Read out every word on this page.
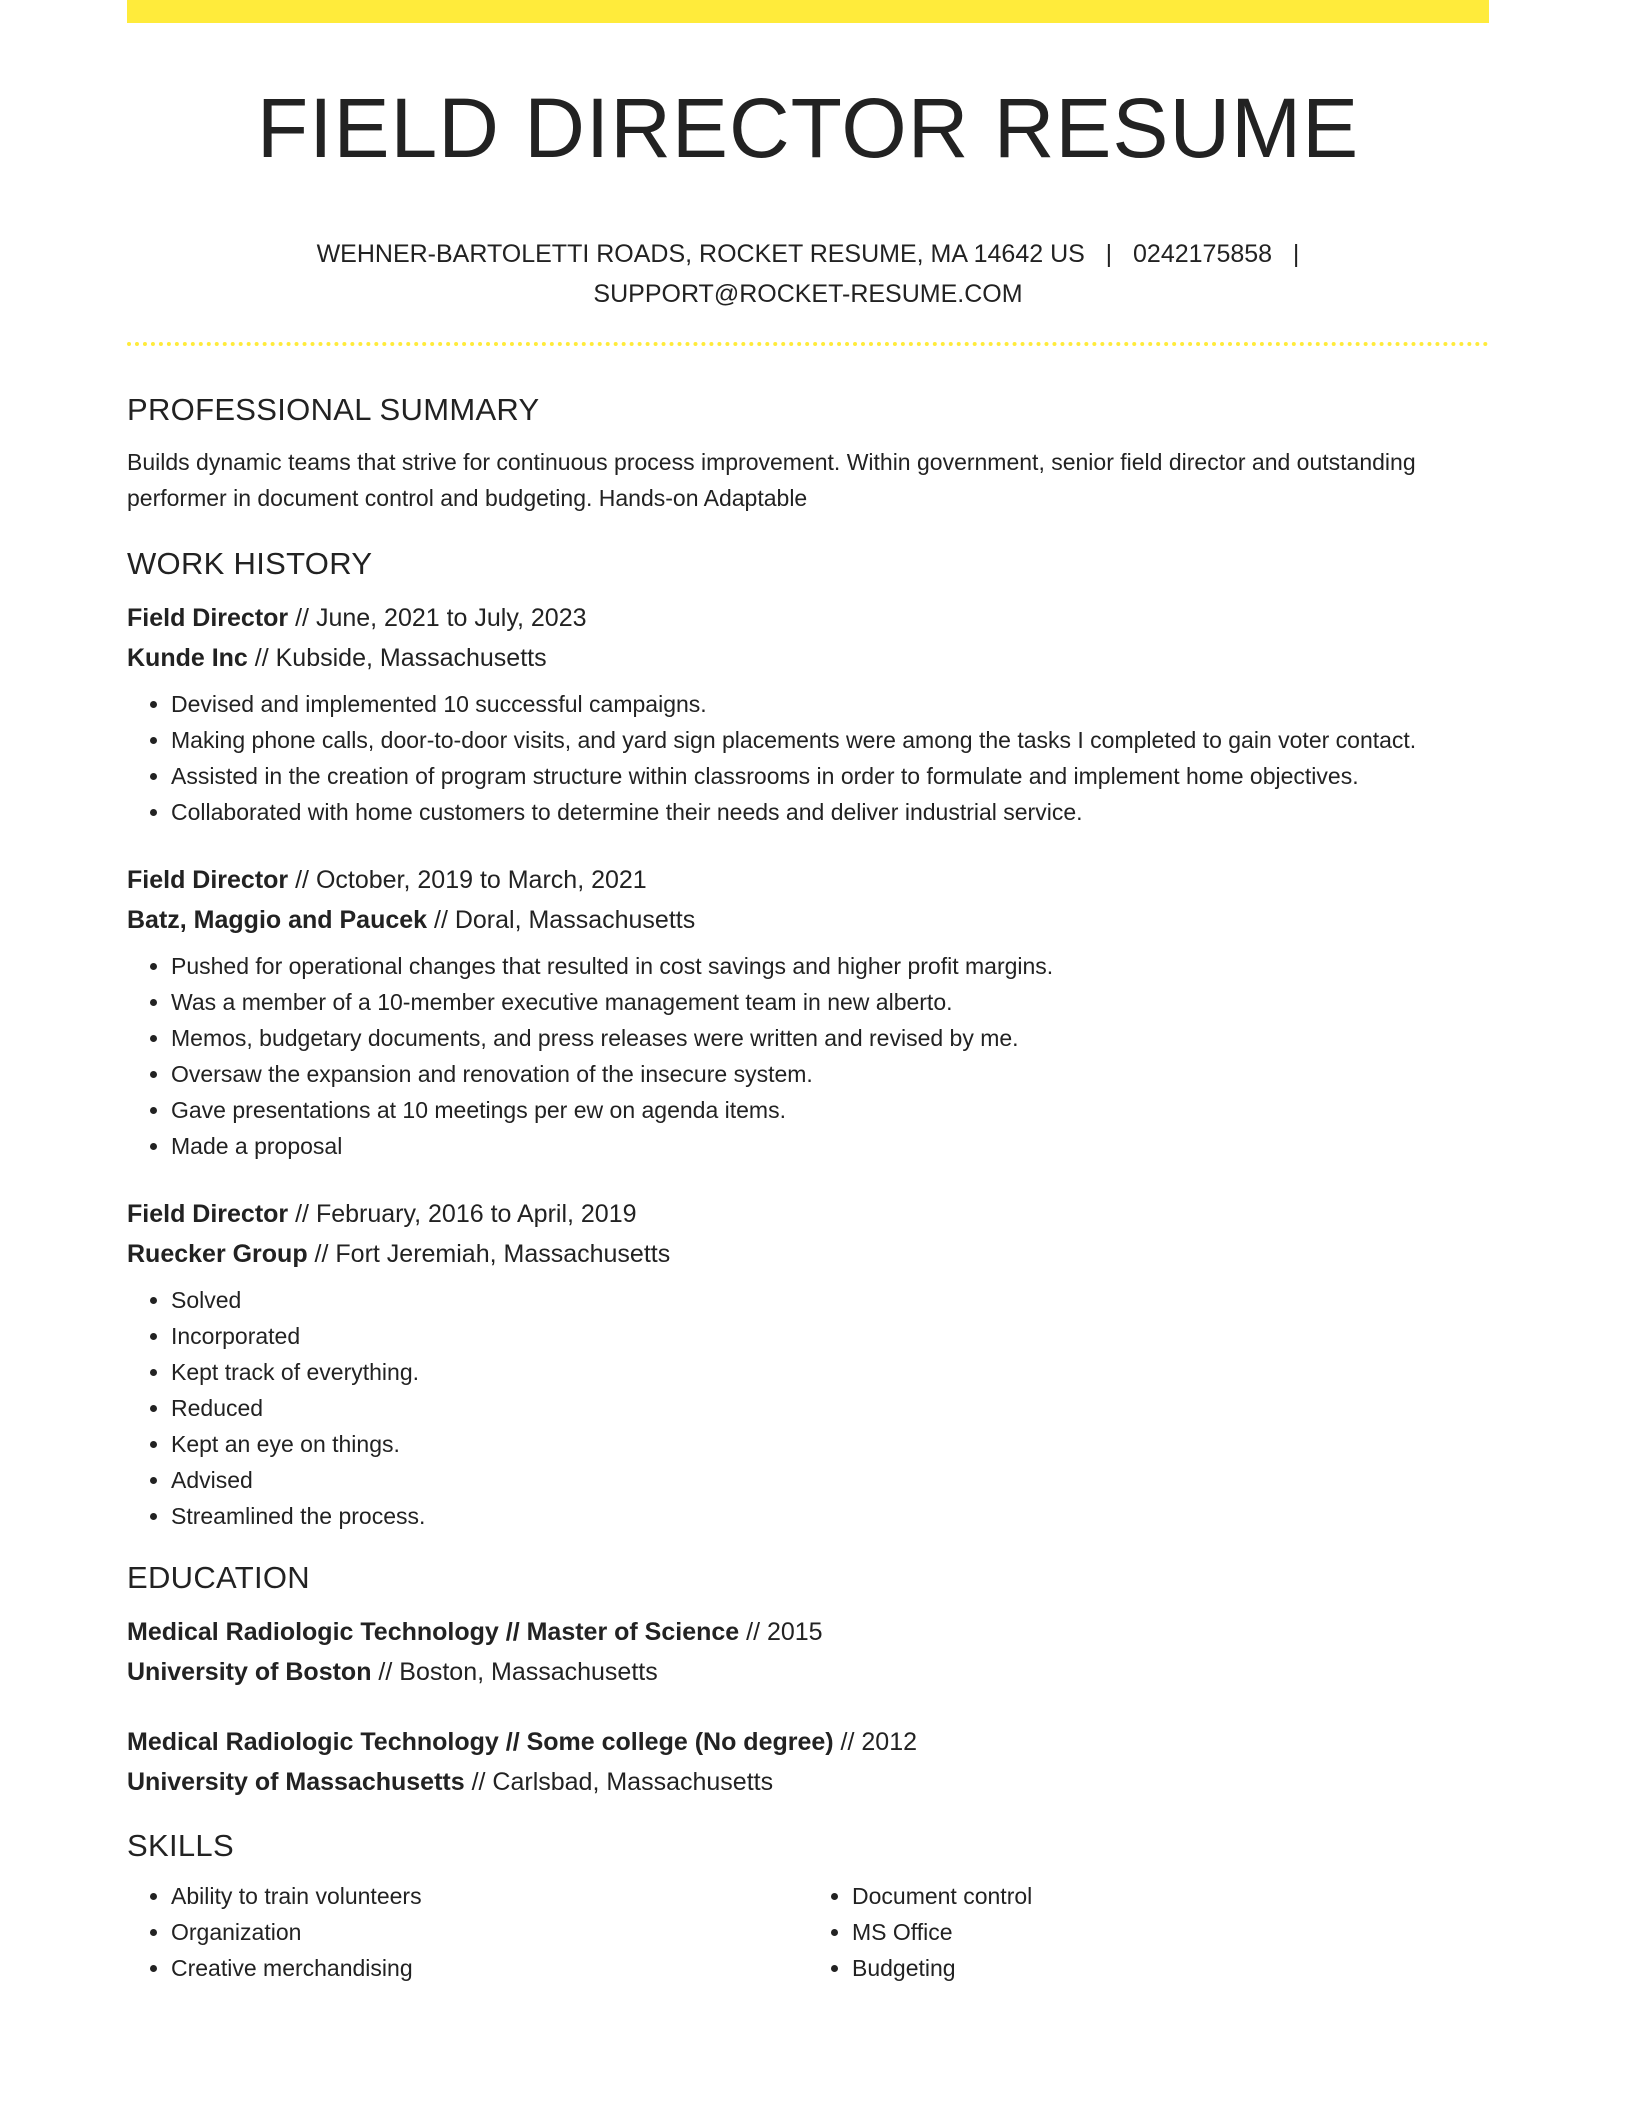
FIELD DIRECTOR RESUME
WEHNER-BARTOLETTI ROADS, ROCKET RESUME, MA 14642 US | 0242175858 |
SUPPORT@ROCKET-RESUME.COM
PROFESSIONAL SUMMARY
Builds dynamic teams that strive for continuous process improvement. Within government, senior field director and outstanding performer in document control and budgeting. Hands-on Adaptable
WORK HISTORY
Field Director // June, 2021 to July, 2023
Kunde Inc // Kubside, Massachusetts
• Devised and implemented 10 successful campaigns.
• Making phone calls, door-to-door visits, and yard sign placements were among the tasks I completed to gain voter contact.
• Assisted in the creation of program structure within classrooms in order to formulate and implement home objectives.
• Collaborated with home customers to determine their needs and deliver industrial service.
Field Director // October, 2019 to March, 2021
Batz, Maggio and Paucek // Doral, Massachusetts
• Pushed for operational changes that resulted in cost savings and higher profit margins.
• Was a member of a 10-member executive management team in new alberto.
• Memos, budgetary documents, and press releases were written and revised by me.
• Oversaw the expansion and renovation of the insecure system.
• Gave presentations at 10 meetings per ew on agenda items.
• Made a proposal
Field Director // February, 2016 to April, 2019
Ruecker Group // Fort Jeremiah, Massachusetts
• Solved
• Incorporated
• Kept track of everything.
• Reduced
• Kept an eye on things.
• Advised
• Streamlined the process.
EDUCATION
Medical Radiologic Technology // Master of Science // 2015
University of Boston // Boston, Massachusetts
Medical Radiologic Technology // Some college (No degree) // 2012
University of Massachusetts // Carlsbad, Massachusetts
SKILLS
• Ability to train volunteers
• Organization
• Creative merchandising
• Document control
• MS Office
• Budgeting
